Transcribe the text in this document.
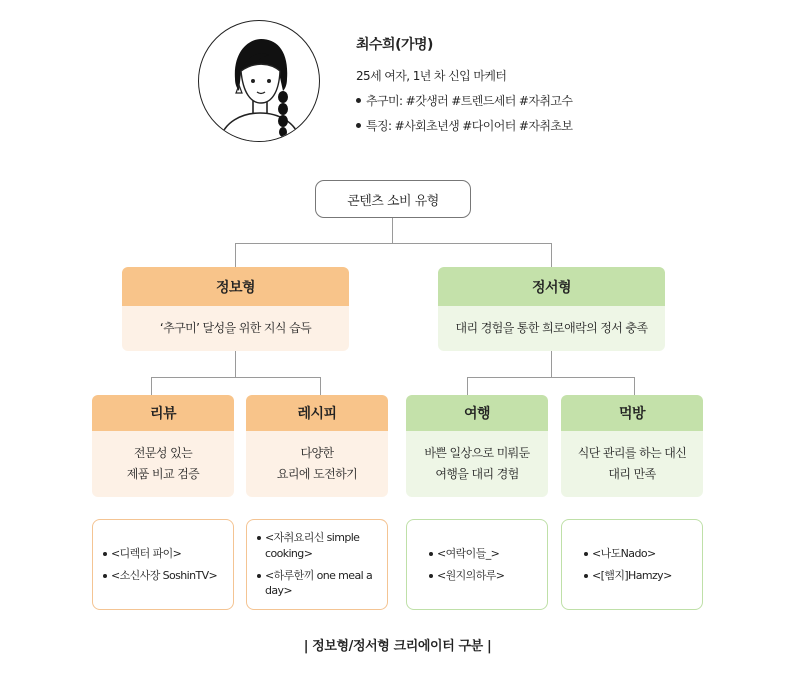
최수희(가명)
25세 여자, 1년 차 신입 마케터
추구미: #갓생러 #트렌드세터 #자취고수
특징: #사회초년생 #다이어터 #자취초보
콘텐츠 소비 유형
정보형
‘추구미’ 달성을 위한 지식 습득
정서형
대리 경험을 통한 희로애락의 정서 충족
리뷰
전문성 있는
제품 비교 검증
레시피
다양한
요리에 도전하기
여행
바쁜 일상으로 미뤄둔
여행을 대리 경험
먹방
식단 관리를 하는 대신
대리 만족
<디렉터 파이>
<소신사장 SoshinTV>
<자취요리신 simple cooking>
<하루한끼 one meal a day>
<여락이들_>
<원지의하루>
<나도Nado>
<[햄지]Hamzy>
| 정보형/정서형 크리에이터 구분 |
